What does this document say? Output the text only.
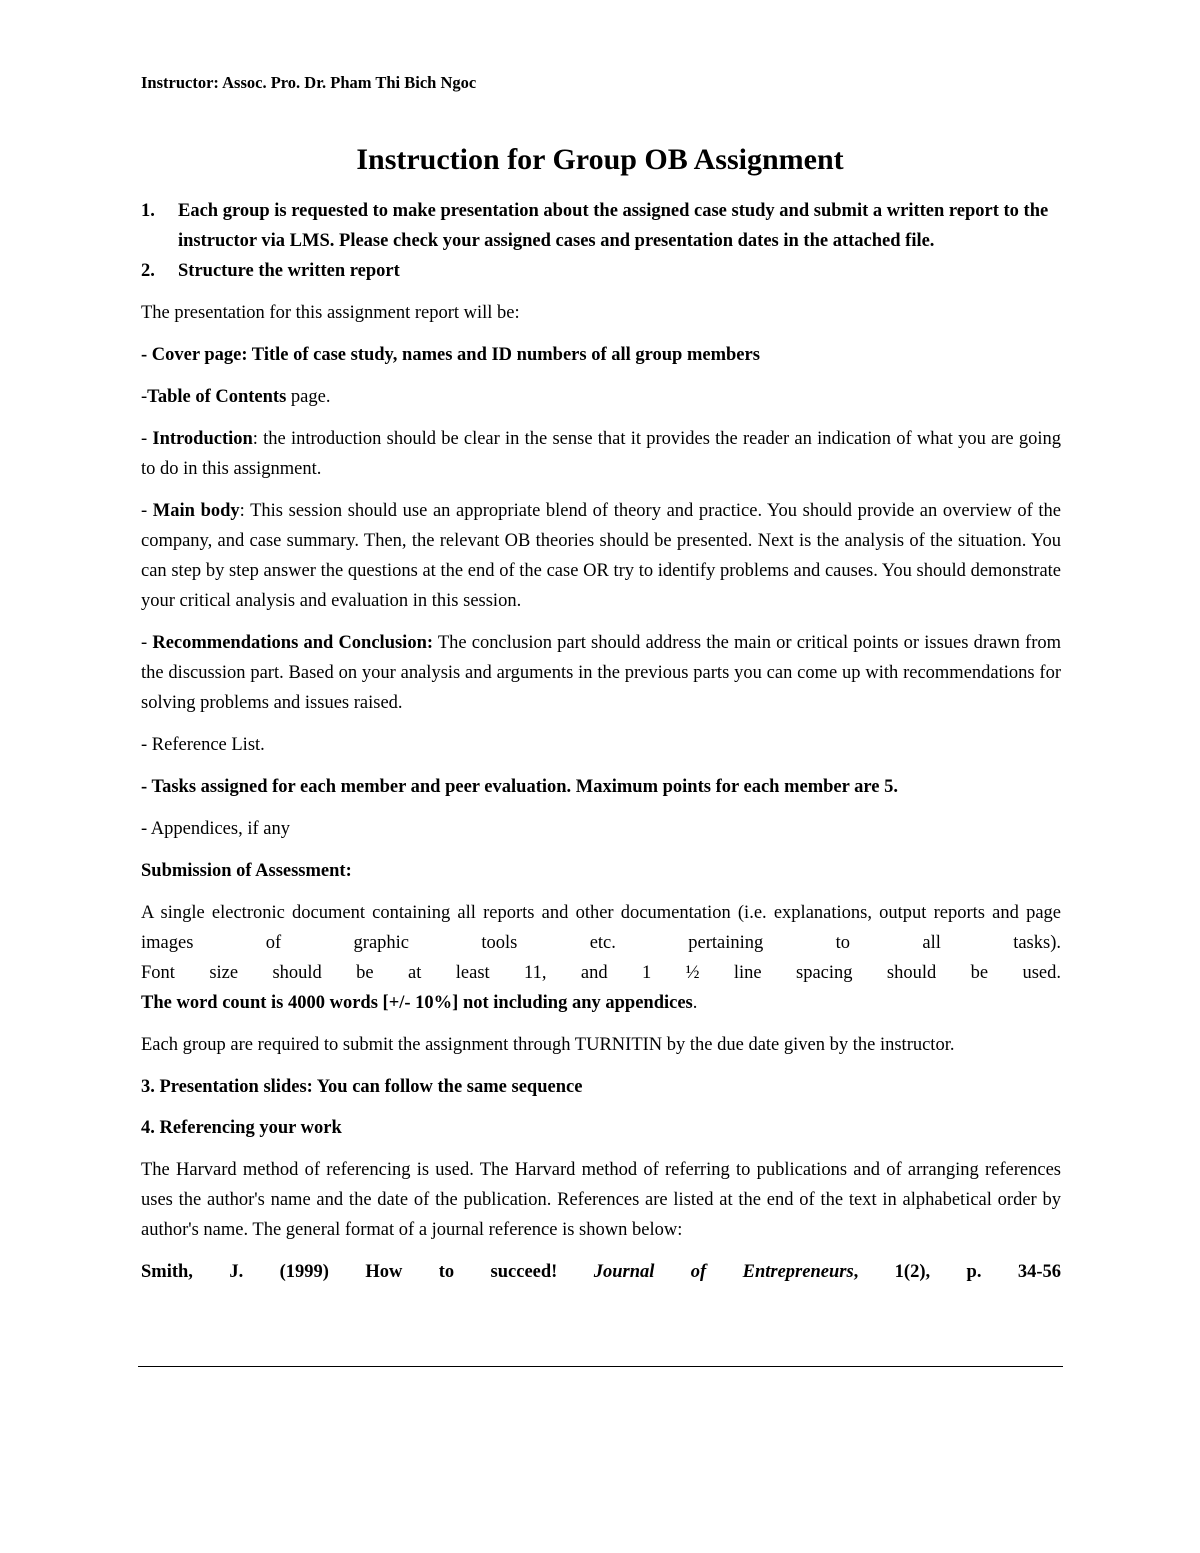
Instructor: Assoc. Pro. Dr. Pham Thi Bich Ngoc
Instruction for Group OB Assignment
1. Each group is requested to make presentation about the assigned case study and submit a written report to the instructor via LMS. Please check your assigned cases and presentation dates in the attached file.
2. Structure the written report

The presentation for this assignment report will be:

- Cover page: Title of case study, names and ID numbers of all group members

-Table of Contents page.

- Introduction: the introduction should be clear in the sense that it provides the reader an indication of what you are going to do in this assignment.

- Main body: This session should use an appropriate blend of theory and practice. You should provide an overview of the company, and case summary. Then, the relevant OB theories should be presented. Next is the analysis of the situation. You can step by step answer the questions at the end of the case OR try to identify problems and causes. You should demonstrate your critical analysis and evaluation in this session.

- Recommendations and Conclusion: The conclusion part should address the main or critical points or issues drawn from the discussion part. Based on your analysis and arguments in the previous parts you can come up with recommendations for solving problems and issues raised.

- Reference List.

- Tasks assigned for each member and peer evaluation. Maximum points for each member are 5.

- Appendices, if any

Submission of Assessment:

A single electronic document containing all reports and other documentation (i.e. explanations, output reports and page images of graphic tools etc. pertaining to all tasks).

Font size should be at least 11, and 1 ½ line spacing should be used.

The word count is 4000 words [+/- 10%] not including any appendices.

Each group are required to submit the assignment through TURNITIN by the due date given by the instructor.

3. Presentation slides: You can follow the same sequence

4. Referencing your work

The Harvard method of referencing is used. The Harvard method of referring to publications and of arranging references uses the author's name and the date of the publication. References are listed at the end of the text in alphabetical order by author's name. The general format of a journal reference is shown below:

Smith, J. (1999) How to succeed! Journal of Entrepreneurs, 1(2), p. 34-56
